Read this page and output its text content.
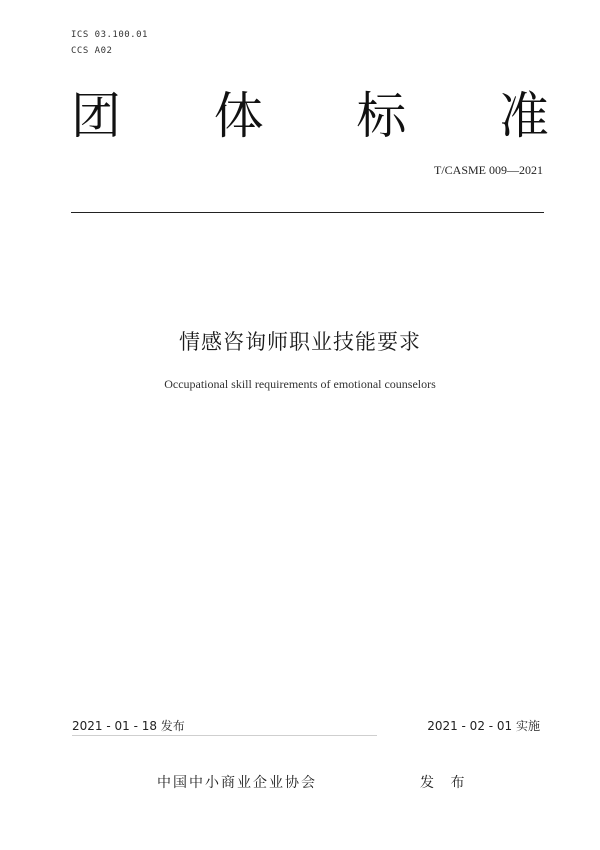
ICS 03.100.01
CCS A02
团 体 标 准
T/CASME 009—2021
情感咨询师职业技能要求
Occupational skill requirements of emotional counselors
2021 - 01 - 18 发布	2021 - 02 - 01 实施
中国中小商业企业协会	发 布
